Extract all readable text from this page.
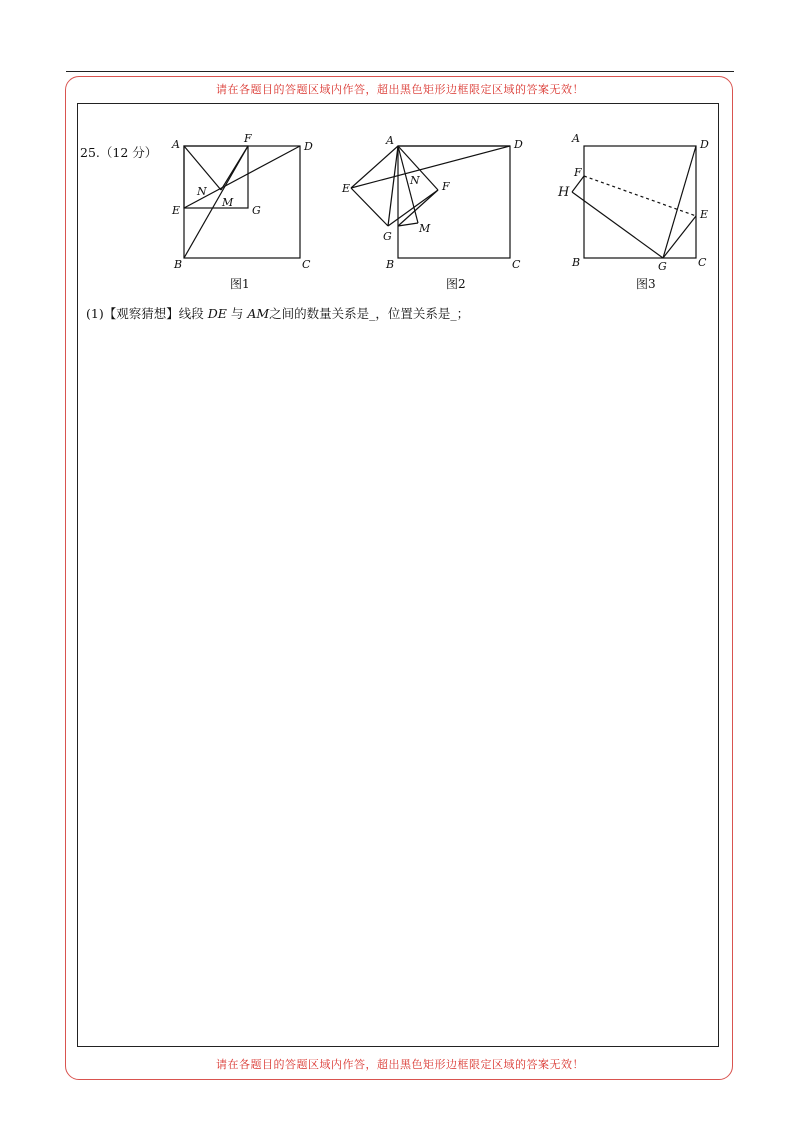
请在各题目的答题区域内作答，超出黑色矩形边框限定区域的答案无效！
25.（12 分）
A	F
D
N
M
E	G
B	C
A	D
N F
E
G
M
B	C
A	D
F
H
E
B	G	C
图1	图2	图3
(1)【观察猜想】线段 DE 与 AM之间的数量关系是_，位置关系是_；
请在各题目的答题区域内作答，超出黑色矩形边框限定区域的答案无效！
